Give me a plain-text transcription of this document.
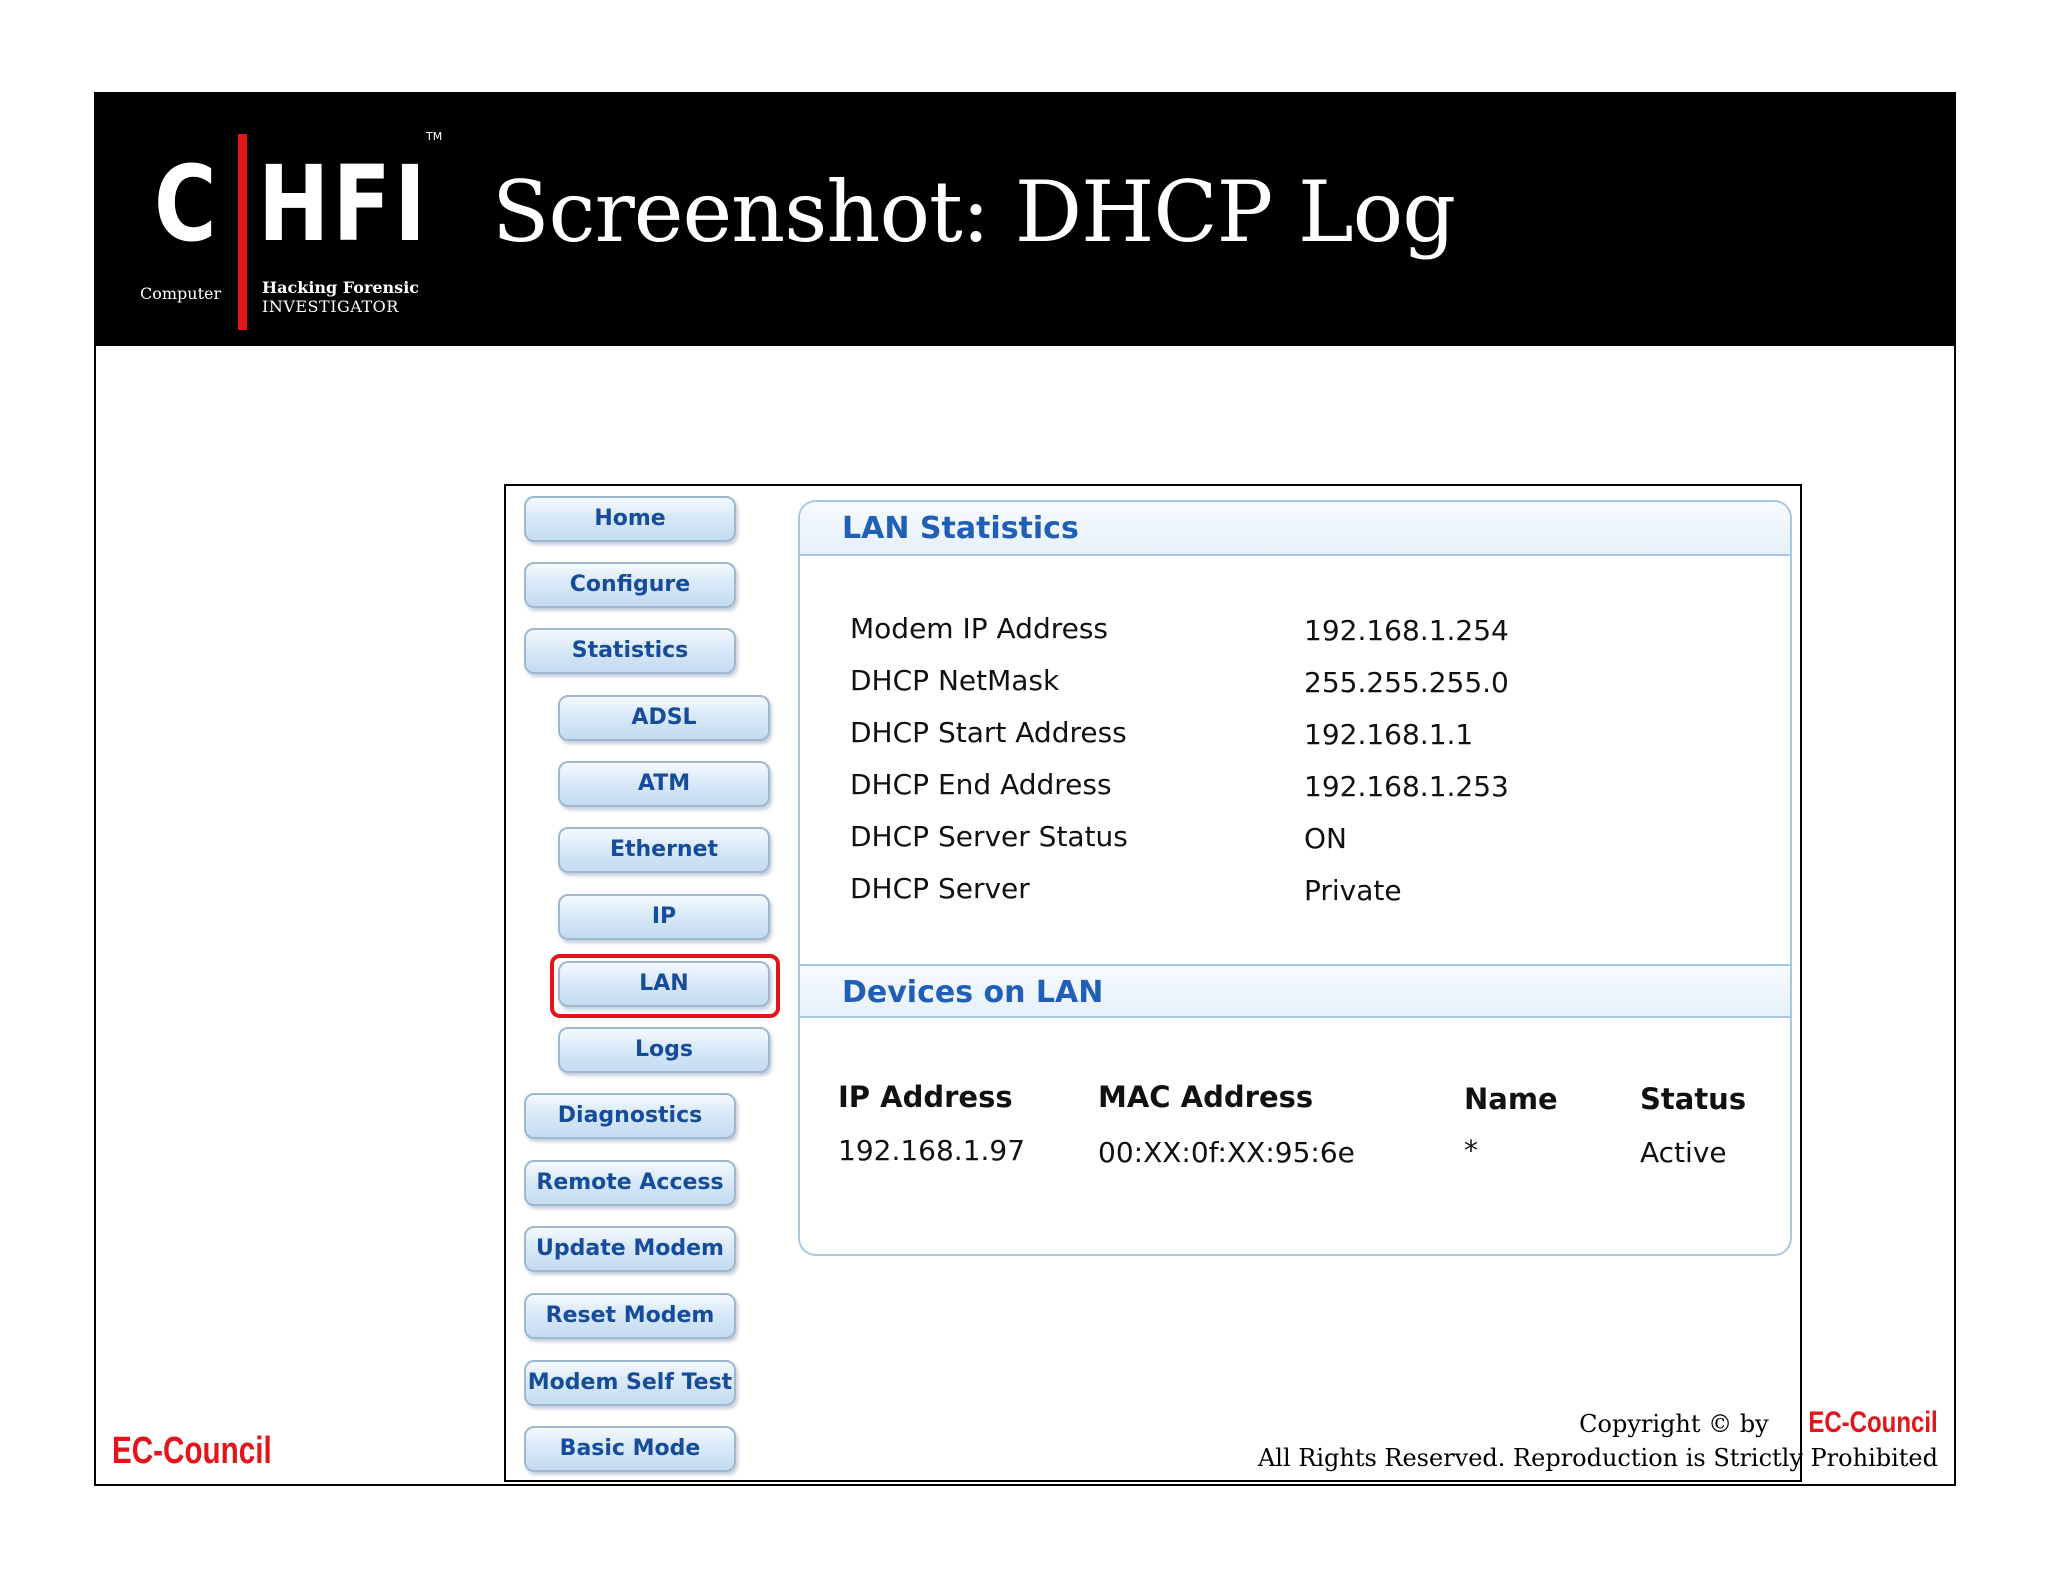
C HFI
TM
Computer	Hacking Forensic
INVESTIGATOR
Screenshot: DHCP Log
Home
Configure
Statistics
ADSL
ATM
Ethernet
IP
LAN
Logs
Diagnostics
Remote Access
Update Modem
Reset Modem
Modem Self Test
Basic Mode
LAN Statistics
Modem IP Address	192.168.1.254
DHCP NetMask	255.255.255.0
DHCP Start Address	192.168.1.1
DHCP End Address	192.168.1.253
DHCP Server Status	ON
DHCP Server	Private
Devices on LAN
IP Address	MAC Address	Name	Status
192.168.1.97	00:XX:0f:XX:95:6e	*	Active
EC-Council
Copyright © by EC-Council
All Rights Reserved. Reproduction is Strictly Prohibited
